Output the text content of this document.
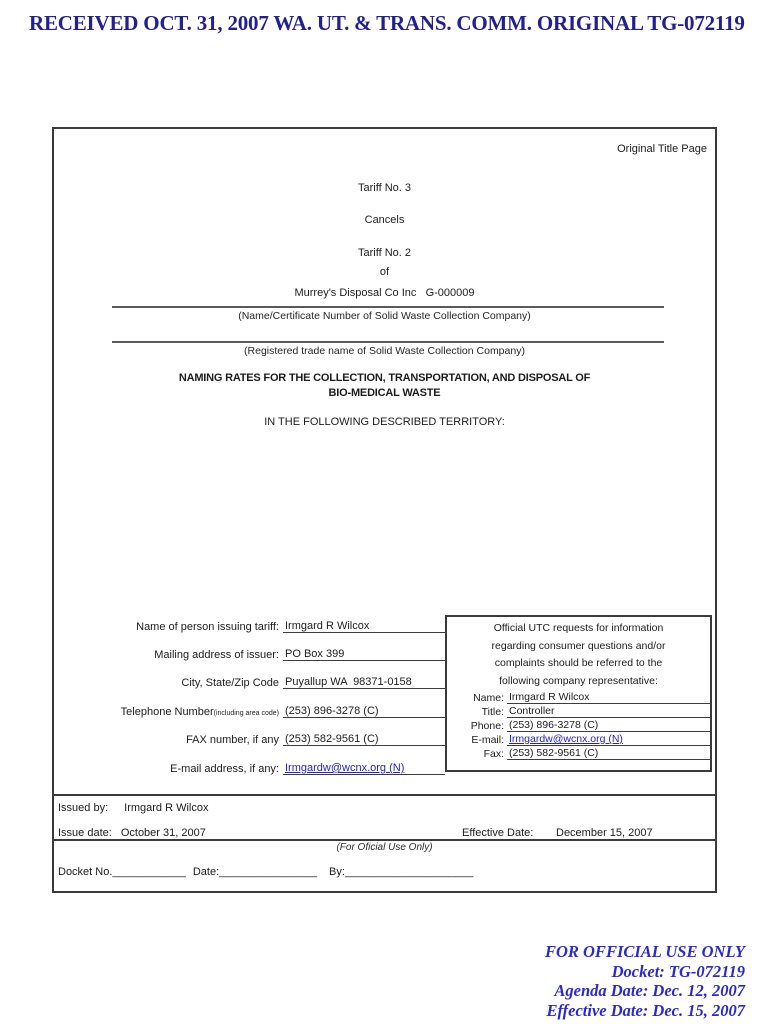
RECEIVED OCT. 31, 2007 WA. UT. & TRANS. COMM. ORIGINAL TG-072119
Original Title Page
Tariff No. 3
Cancels
Tariff No. 2
of
Murrey's Disposal Co Inc   G-000009
(Name/Certificate Number of Solid Waste Collection Company)
(Registered trade name of Solid Waste Collection Company)
NAMING RATES FOR THE COLLECTION, TRANSPORTATION, AND DISPOSAL OF
BIO-MEDICAL WASTE
IN THE FOLLOWING DESCRIBED TERRITORY:
Name of person issuing tariff: Irmgard R Wilcox
Mailing address of issuer: PO Box 399
City, State/Zip Code Puyallup WA  98371-0158
Telephone Number(including area code) (253) 896-3278 (C)
FAX number, if any (253) 582-9561 (C)
E-mail address, if any: Irmgardw@wcnx.org (N)
Official UTC requests for information
regarding consumer questions and/or
complaints should be referred to the
following company representative:
Name: Irmgard R Wilcox
Title: Controller
Phone: (253) 896-3278 (C)
E-mail: Irmgardw@wcnx.org (N)
Fax: (253) 582-9561 (C)
Issued by: Irmgard R Wilcox
Issue date: October 31, 2007	Effective Date: December 15, 2007
(For Oficial Use Only)
Docket No.____________ Date:________________ By:_____________________
FOR OFFICIAL USE ONLY
Docket: TG-072119
Agenda Date: Dec. 12, 2007
Effective Date: Dec. 15, 2007
